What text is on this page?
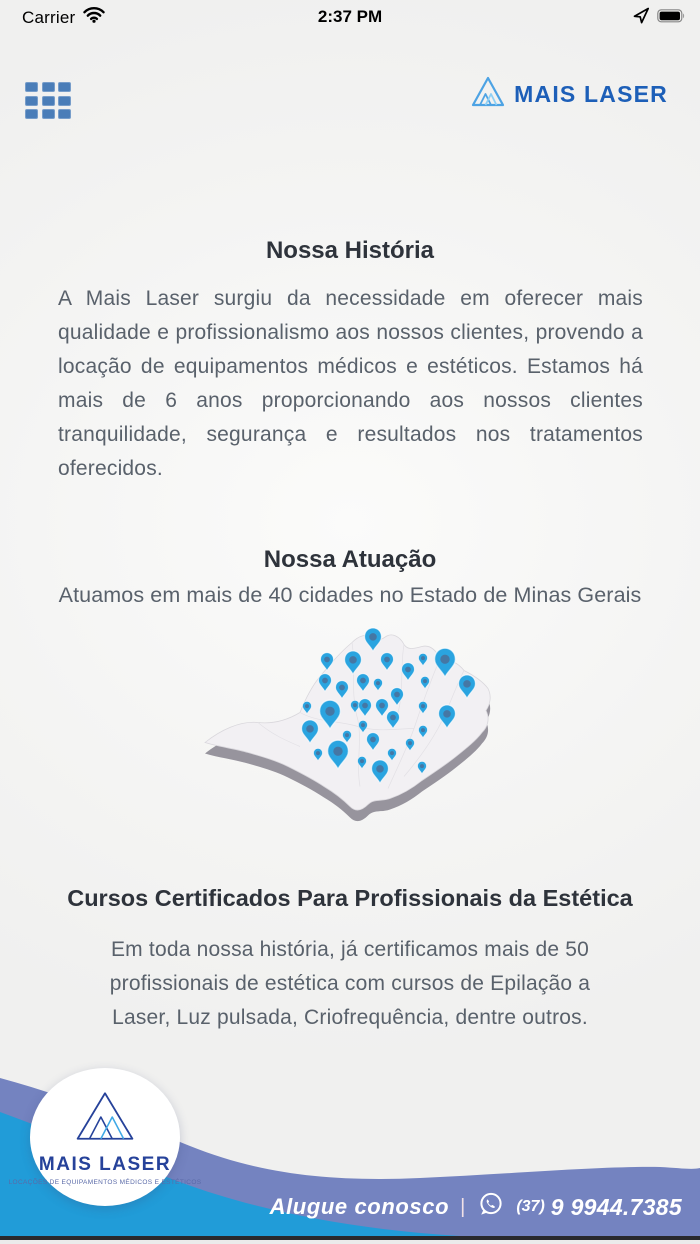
Carrier	2:37 PM
MAIS LASER
Nossa História

A Mais Laser surgiu da necessidade em oferecer mais qualidade e profissionalismo aos nossos clientes, provendo a locação de equipamentos médicos e estéticos. Estamos há mais de 6 anos proporcionando aos nossos clientes tranquilidade, segurança e resultados nos tratamentos oferecidos.

Nossa Atuação
Atuamos em mais de 40 cidades no Estado de Minas Gerais
Cursos Certificados Para Profissionais da Estética

Em toda nossa história, já certificamos mais de 50 profissionais de estética com cursos de Epilação a Laser, Luz pulsada, Criofrequência, dentre outros.

MAIS LASER
LOCAÇÕES DE EQUIPAMENTOS MÉDICOS E ESTÉTICOS
Alugue conosco |	(37) 9 9944.7385
